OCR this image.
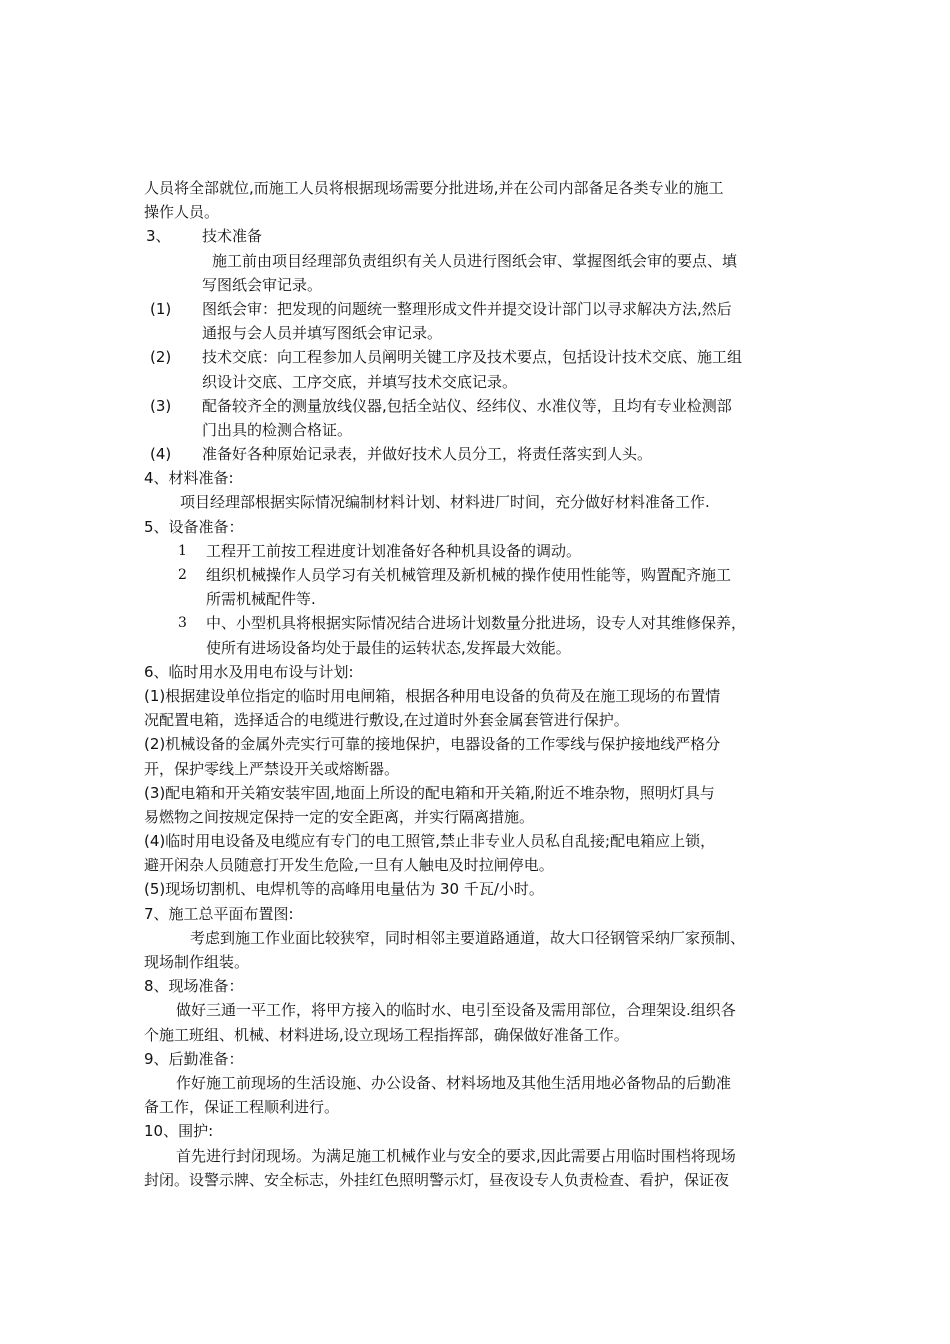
人员将全部就位,而施工人员将根据现场需要分批进场,并在公司内部备足各类专业的施工
操作人员。
3、 技术准备
施工前由项目经理部负责组织有关人员进行图纸会审、掌握图纸会审的要点、填
写图纸会审记录。
(1) 图纸会审：把发现的问题统一整理形成文件并提交设计部门以寻求解决方法,然后
通报与会人员并填写图纸会审记录。
(2) 技术交底：向工程参加人员阐明关键工序及技术要点，包括设计技术交底、施工组
织设计交底、工序交底，并填写技术交底记录。
(3) 配备较齐全的测量放线仪器,包括全站仪、经纬仪、水准仪等，且均有专业检测部
门出具的检测合格证。
(4) 准备好各种原始记录表，并做好技术人员分工，将责任落实到人头。
4、材料准备:
项目经理部根据实际情况编制材料计划、材料进厂时间，充分做好材料准备工作.
5、设备准备：
1 工程开工前按工程进度计划准备好各种机具设备的调动。
2 组织机械操作人员学习有关机械管理及新机械的操作使用性能等，购置配齐施工
所需机械配件等.
3 中、小型机具将根据实际情况结合进场计划数量分批进场，设专人对其维修保养，
使所有进场设备均处于最佳的运转状态,发挥最大效能。
6、临时用水及用电布设与计划:
(1)根据建设单位指定的临时用电闸箱，根据各种用电设备的负荷及在施工现场的布置情
况配置电箱，选择适合的电缆进行敷设,在过道时外套金属套管进行保护。
(2)机械设备的金属外壳实行可靠的接地保护，电器设备的工作零线与保护接地线严格分
开，保护零线上严禁设开关或熔断器。
(3)配电箱和开关箱安装牢固,地面上所设的配电箱和开关箱,附近不堆杂物，照明灯具与
易燃物之间按规定保持一定的安全距离，并实行隔离措施。
(4)临时用电设备及电缆应有专门的电工照管,禁止非专业人员私自乱接;配电箱应上锁，
避开闲杂人员随意打开发生危险,一旦有人触电及时拉闸停电。
(5)现场切割机、电焊机等的高峰用电量估为 30 千瓦/小时。
7、施工总平面布置图:
考虑到施工作业面比较狭窄，同时相邻主要道路通道，故大口径钢管采纳厂家预制、
现场制作组装。
8、现场准备：
做好三通一平工作，将甲方接入的临时水、电引至设备及需用部位，合理架设.组织各
个施工班组、机械、材料进场,设立现场工程指挥部，确保做好准备工作。
9、后勤准备：
作好施工前现场的生活设施、办公设备、材料场地及其他生活用地必备物品的后勤准
备工作，保证工程顺利进行。
10、围护:
首先进行封闭现场。为满足施工机械作业与安全的要求,因此需要占用临时围档将现场
封闭。设警示牌、安全标志，外挂红色照明警示灯，昼夜设专人负责检查、看护，保证夜
